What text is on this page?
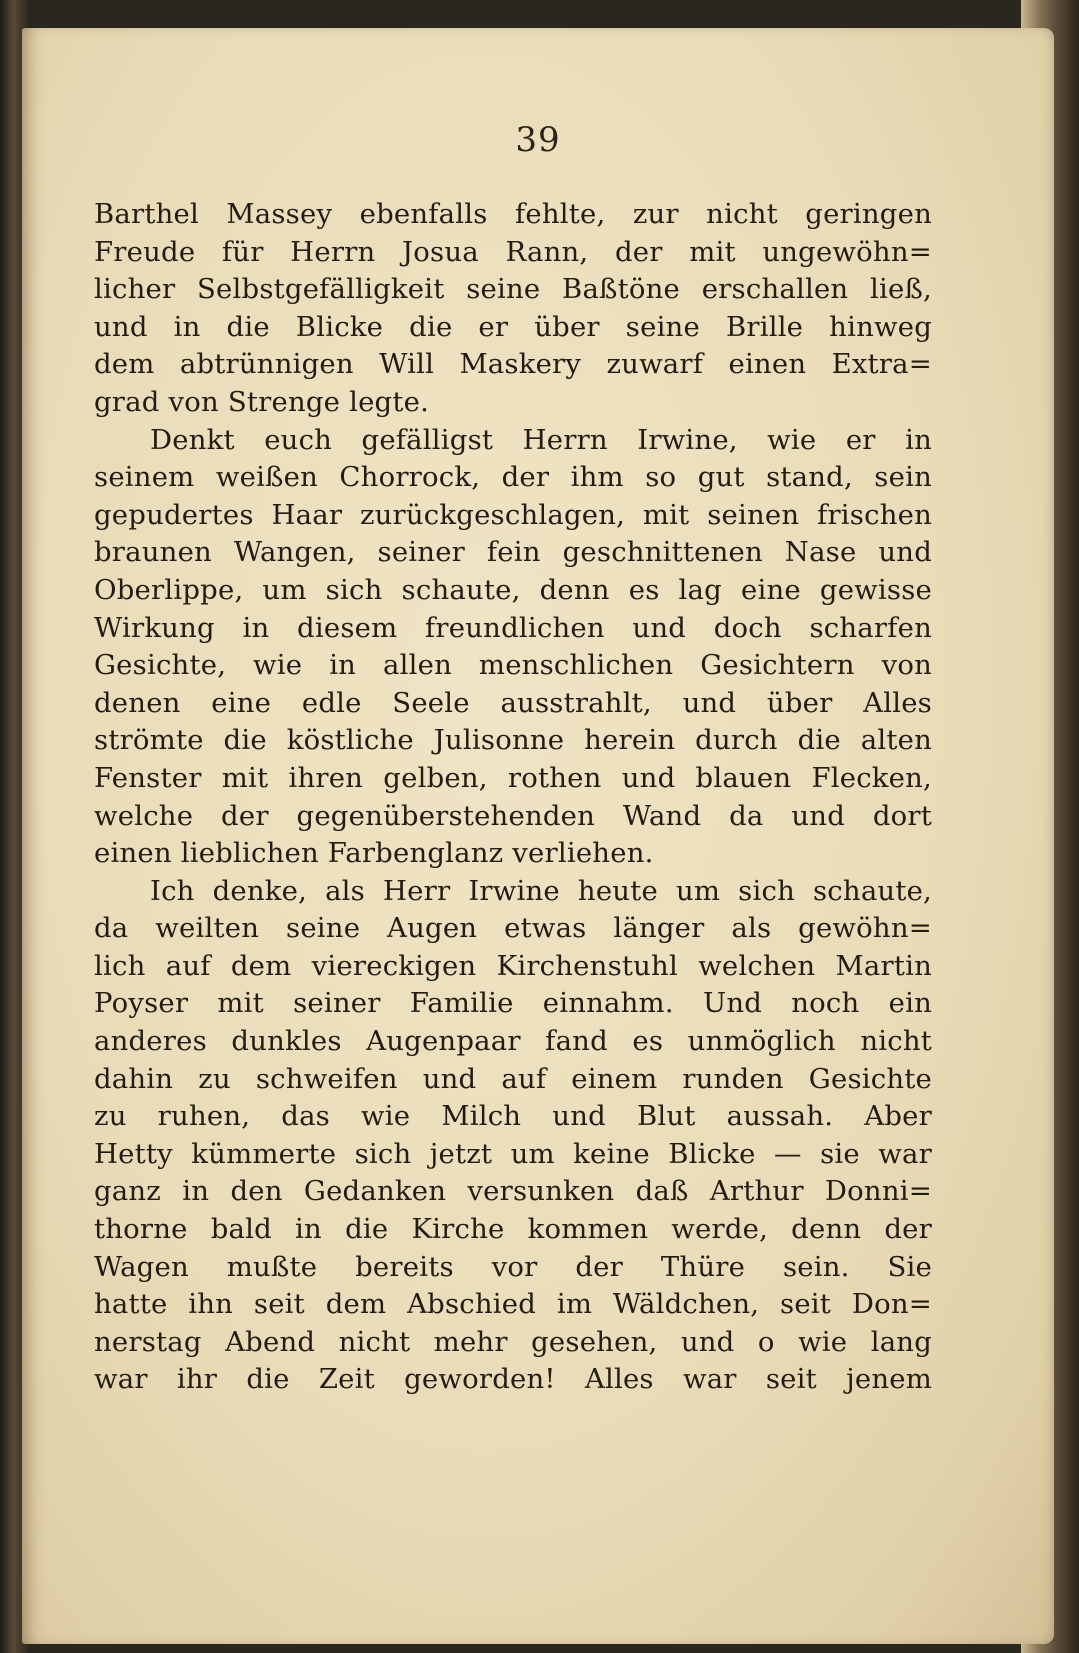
39
Barthel Massey ebenfalls fehlte, zur nicht geringen
Freude für Herrn Josua Rann, der mit ungewöhn=
licher Selbstgefälligkeit seine Baßtöne erschallen ließ,
und in die Blicke die er über seine Brille hinweg
dem abtrünnigen Will Maskery zuwarf einen Extra=
grad von Strenge legte.
Denkt euch gefälligst Herrn Irwine, wie er in
seinem weißen Chorrock, der ihm so gut stand, sein
gepudertes Haar zurückgeschlagen, mit seinen frischen
braunen Wangen, seiner fein geschnittenen Nase und
Oberlippe, um sich schaute, denn es lag eine gewisse
Wirkung in diesem freundlichen und doch scharfen
Gesichte, wie in allen menschlichen Gesichtern von
denen eine edle Seele ausstrahlt, und über Alles
strömte die köstliche Julisonne herein durch die alten
Fenster mit ihren gelben, rothen und blauen Flecken,
welche der gegenüberstehenden Wand da und dort
einen lieblichen Farbenglanz verliehen.
Ich denke, als Herr Irwine heute um sich schaute,
da weilten seine Augen etwas länger als gewöhn=
lich auf dem viereckigen Kirchenstuhl welchen Martin
Poyser mit seiner Familie einnahm. Und noch ein
anderes dunkles Augenpaar fand es unmöglich nicht
dahin zu schweifen und auf einem runden Gesichte
zu ruhen, das wie Milch und Blut aussah. Aber
Hetty kümmerte sich jetzt um keine Blicke — sie war
ganz in den Gedanken versunken daß Arthur Donni=
thorne bald in die Kirche kommen werde, denn der
Wagen mußte bereits vor der Thüre sein. Sie
hatte ihn seit dem Abschied im Wäldchen, seit Don=
nerstag Abend nicht mehr gesehen, und o wie lang
war ihr die Zeit geworden! Alles war seit jenem
